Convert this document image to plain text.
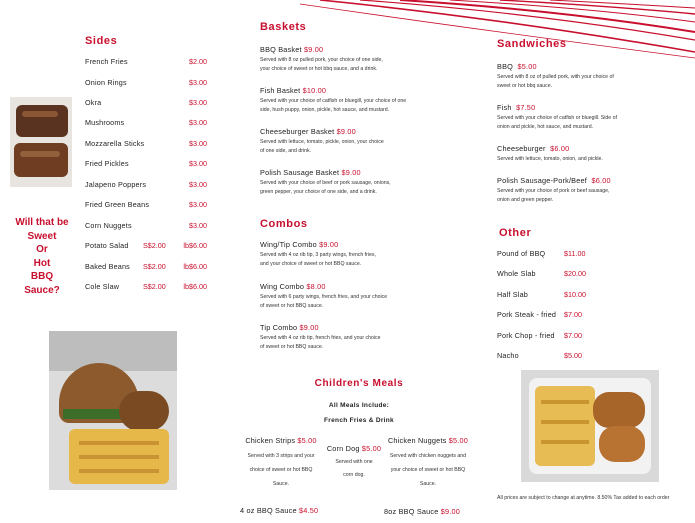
Sides
French Fries	$2.00
Onion Rings	$3.00
Okra	$3.00
Mushrooms	$3.00
Mozzarella Sticks	$3.00
Fried Pickles	$3.00
Jalapeno Poppers	$3.00
Fried Green Beans	$3.00
Corn Nuggets	$3.00
Potato Salad S$2.00 lb$6.00
Baked Beans S$2.00 lb$6.00
Cole Slaw	S$2.00 lb$6.00
Will that be
Sweet
Or
Hot
BBQ
Sauce?
Baskets
BBQ Basket $9.00
Served with 8 oz pulled pork, your choice of one side,
your choice of sweet or hot bbq sauce, and a drink.
Fish Basket $10.00
Served with your choice of catfish or bluegill, your choice of one
side, hush puppy, onion, pickle, hot sauce, and mustard.
Cheeseburger Basket $9.00
Served with lettuce, tomato, pickle, onion, your choice
of one side, and drink.
Polish Sausage Basket $9.00
Served with your choice of beef or pork sausage, onions,
green pepper, your choice of one side, and a drink.
Combos
Wing/Tip Combo $9.00
Served with 4 oz rib tip, 3 party wings, french fries,
and your choice of sweet or hot BBQ sauce.
Wing Combo $8.00
Served with 6 party wings, french fries, and your choice
of sweet or hot BBQ sauce.
Tip Combo $9.00
Served with 4 oz rib tip, french fries, and your choice
of sweet or hot BBQ sauce.
Children's Meals
All Meals Include:
French Fries & Drink
Chicken Strips $5.00
Served with 3 strips and your
choice of sweet or hot BBQ
Sauce.
Corn Dog $5.00
Served with one
corn dog.
Chicken Nuggets $5.00
Served with chicken nuggets and
your choice of sweet or hot BBQ
Sauce.
4 oz BBQ Sauce $4.50	8oz BBQ Sauce $9.00
Sandwiches
BBQ $5.00
Served with 8 oz of pulled pork, with your choice of
sweet or hot bbq sauce.
Fish $7.50
Served with your choice of catfish or bluegill. Side of
onion and pickle, hot sauce, and mustard.
Cheeseburger $6.00
Served with lettuce, tomato, onion, and pickle.
Polish Sausage-Pork/Beef $6.00
Served with your choice of pork or beef sausage,
onion and green pepper.
Other
Pound of BBQ	$11.00
Whole Slab	$20.00
Half Slab	$10.00
Pork Steak - fried $7.00
Pork Chop - fried $7.00
Nacho	$5.00
All prices are subject to change at anytime. 8.50% Tax added to each order
